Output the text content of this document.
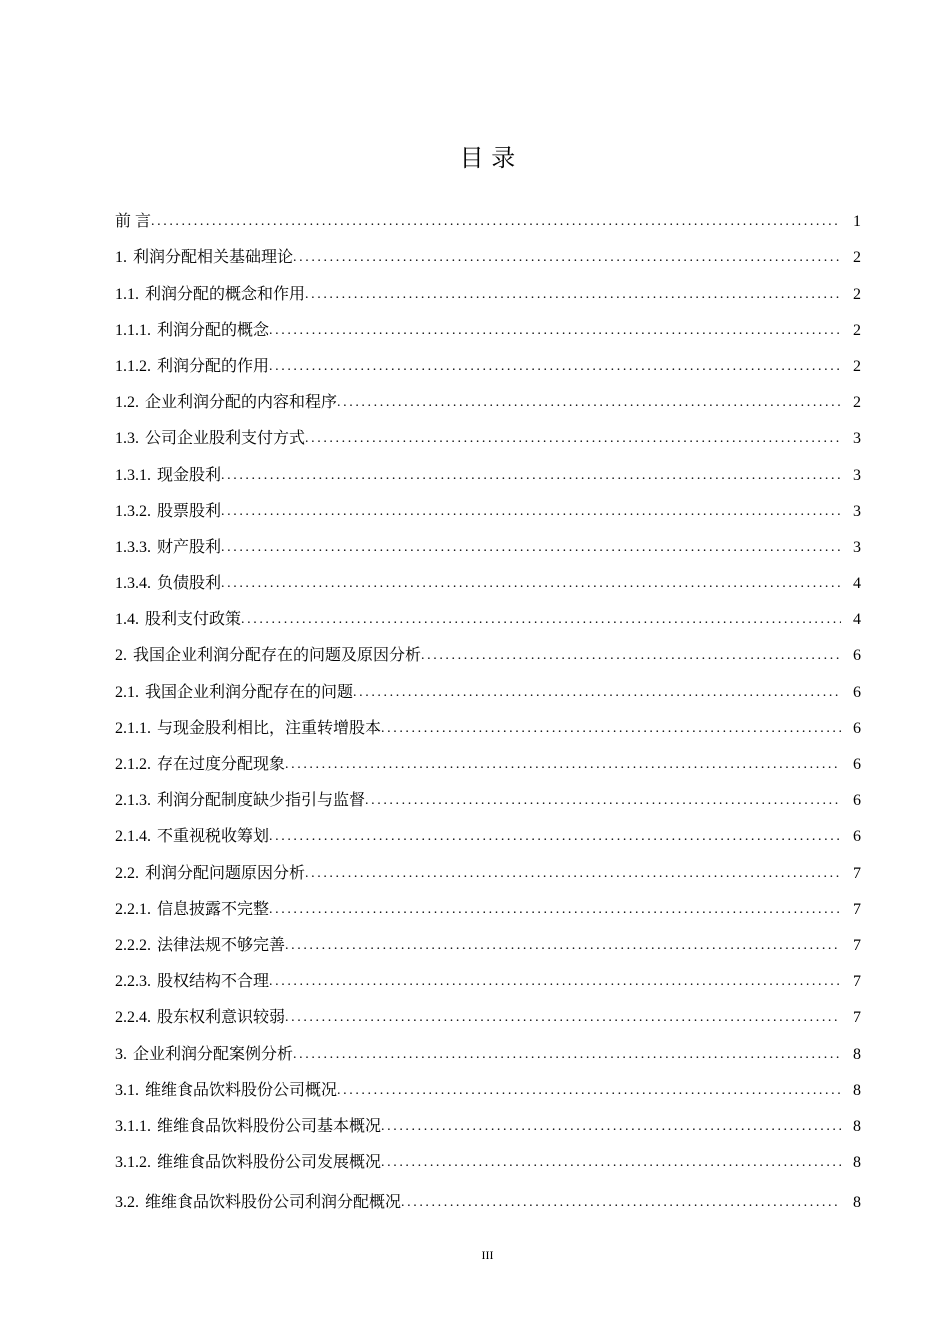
目 录
前 言 .....	1
1. 利润分配相关基础理论 .....	2
1.1. 利润分配的概念和作用 .....	2
1.1.1. 利润分配的概念 .....	2
1.1.2. 利润分配的作用 .....	2
1.2. 企业利润分配的内容和程序 .....	2
1.3. 公司企业股利支付方式 .....	3
1.3.1. 现金股利 .....	3
1.3.2. 股票股利 .....	3
1.3.3. 财产股利 .....	3
1.3.4. 负债股利 .....	4
1.4. 股利支付政策 .....	4
2. 我国企业利润分配存在的问题及原因分析 .....	6
2.1. 我国企业利润分配存在的问题 .....	6
2.1.1. 与现金股利相比，注重转增股本 .....	6
2.1.2. 存在过度分配现象 .....	6
2.1.3. 利润分配制度缺少指引与监督 .....	6
2.1.4. 不重视税收筹划 .....	6
2.2. 利润分配问题原因分析 .....	7
2.2.1. 信息披露不完整 .....	7
2.2.2. 法律法规不够完善 .....	7
2.2.3. 股权结构不合理 .....	7
2.2.4. 股东权利意识较弱 .....	7
3. 企业利润分配案例分析 .....	8
3.1. 维维食品饮料股份公司概况 .....	8
3.1.1. 维维食品饮料股份公司基本概况 .....	8
3.1.2. 维维食品饮料股份公司发展概况 .....	8
3.2. 维维食品饮料股份公司利润分配概况 .....	8
III
